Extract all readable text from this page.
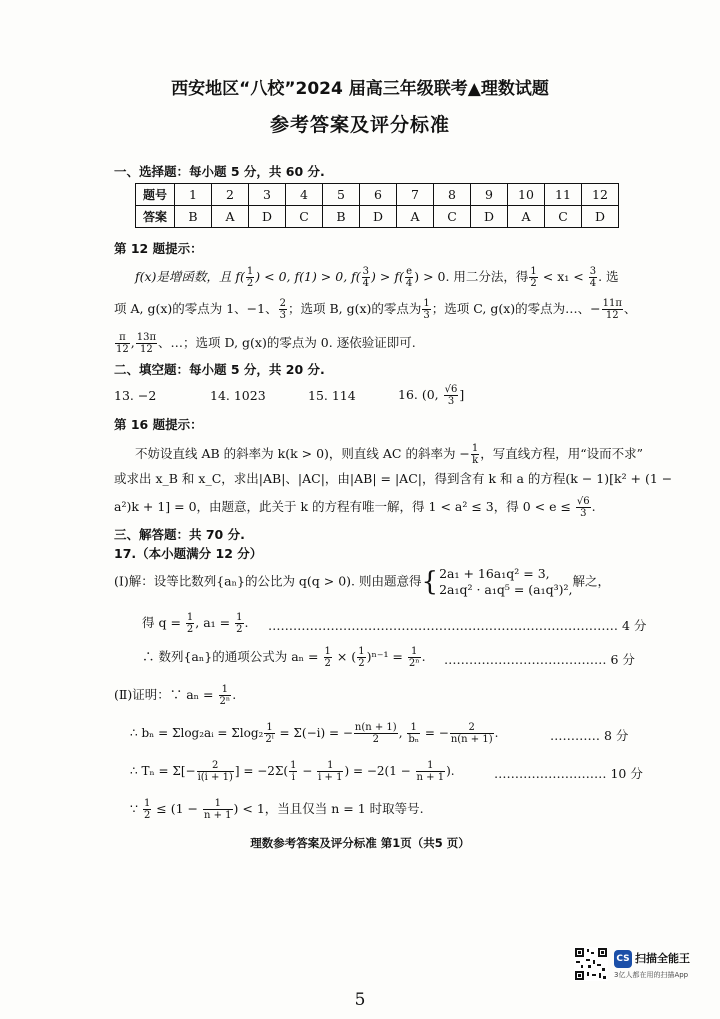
西安地区“八校”2024 届高三年级联考▲理数试题
参考答案及评分标准
一、选择题：每小题 5 分，共 60 分.
题号	1	2	3	4	5	6	7	8	9	10	11	12
答案	B	A	D	C	B	D	A	C	D	A	C	D
第 12 题提示：
f(x)是增函数，且 $f( \frac{1}{2}$ ) < 0, f(1) > 0, $f( \frac{3}{4}$ ) > $f( \frac{e}{4}$ ) > 0. 用二分法，得 $\frac{1}{2} < x_1 < \frac{3}{4}$ . 选
项 A, g(x)的零点为 1、−1、 $\frac{2}{3}$ ；选项 B, g(x)的零点为 $\frac{1}{3}$ ；选项 C, g(x)的零点为…、− $\frac{11\pi}{12}$ 、
$\frac{\pi}{12}$ , $\frac{13\pi}{12}$ 、…；选项 D, g(x)的零点为 0. 逐依验证即可.
二、填空题：每小题 5 分，共 20 分.
13. −2	14. 1023	15. 114	16. (0, $\frac{√6}{3}$ ]
第 16 题提示：
不妨设直线 AB 的斜率为 k(k > 0)，则直线 AC 的斜率为 − $\frac{1}{k}$ ，写直线方程，用“设而不求”
或求出 x_B 和 x_C，求出|AB|、|AC|，由|AB| = |AC|，得到含有 k 和 a 的方程(k − 1)[k² + (1 −
a²)k + 1] = 0，由题意，此关于 k 的方程有唯一解，得 1 < a² ≤ 3，得 $0 < e \le \frac{√6}{3}$ .
三、解答题：共 70 分.
17.（本小题满分 12 分）
(Ⅰ)解：设等比数列{aₙ}的公比为 q(q > 0). 则由题意得{2a₁ + 16a₁q² = 3,
2a₁q² · a₁q⁵ = (a₁q³)²,解之，
得 $q = \frac{1}{2}$ , $a_1 = \frac{1}{2}$ . ………………………………………………………………………… 4 分
∴ 数列{aₙ}的通项公式为 $a_n = \frac{1}{2}$ × ( $\frac{1}{2} )^{n-1} = \frac{1}{\text{2ⁿ}}$ . ………………………………… 6 分
(Ⅱ)证明：∵ $a_n = \frac{1}{\text{2ⁿ}}$ .
∴ bₙ = Σlog₂aᵢ = $\Sigma\log_2 \frac{1}{\text{2ⁱ}} = \Sigma(-i)$ = − $\frac{n(n + 1)}{2}$ , $\frac{1}{\text{bₙ}}$ = − $\frac{2}{n(n + 1)}$ .	………… 8 分
∴ $T_n = \Sigma[- \frac{2}{i(i + 1)}$ ] = $-2\Sigma( \frac{1}{i} - \frac{1}{i + 1}$ ) = $-2(1 - \frac{1}{n + 1}$ ).	……………………… 10 分
∵ $\frac{1}{2} \le (1 - \frac{1}{n + 1}$ ) < 1，当且仅当 n = 1 时取等号.
理数参考答案及评分标准 第1页（共5 页）
CS 扫描全能王
3亿人都在用的扫描App
5
